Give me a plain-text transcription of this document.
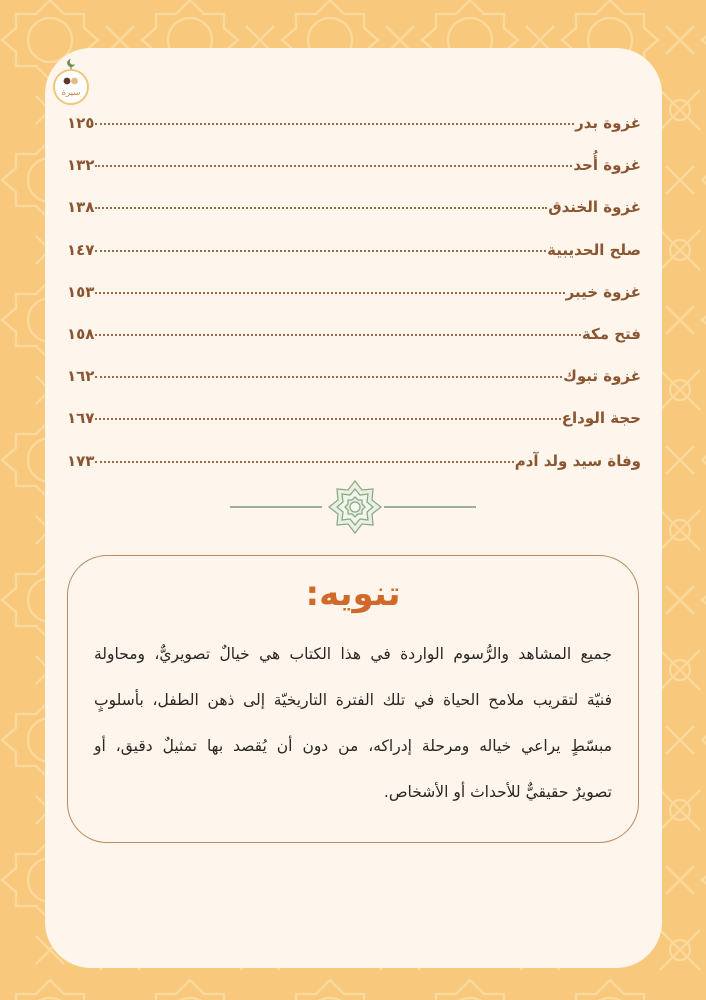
سيرة
غزوة بدر
١٢٥
غزوة أُحد
١٣٢
غزوة الخندق
١٣٨
صلح الحديبية
١٤٧
غزوة خيبر
١٥٣
فتح مكة
١٥٨
غزوة تبوك
١٦٢
حجة الوداع
١٦٧
وفاة سيد ولد آدم
١٧٣
تنويه:
جميع المشاهد والرُّسوم الواردة في هذا الكتاب هي خيالٌ تصويريٌّ، ومحاولة
فنيّة لتقريب ملامح الحياة في تلك الفترة التاريخيّة إلى ذهن الطفل، بأسلوبٍ
مبسّطٍ يراعي خياله ومرحلة إدراكه، من دون أن يُقصد بها تمثيلٌ دقيق، أو
تصويرٌ حقيقيٌّ للأحداث أو الأشخاص.
